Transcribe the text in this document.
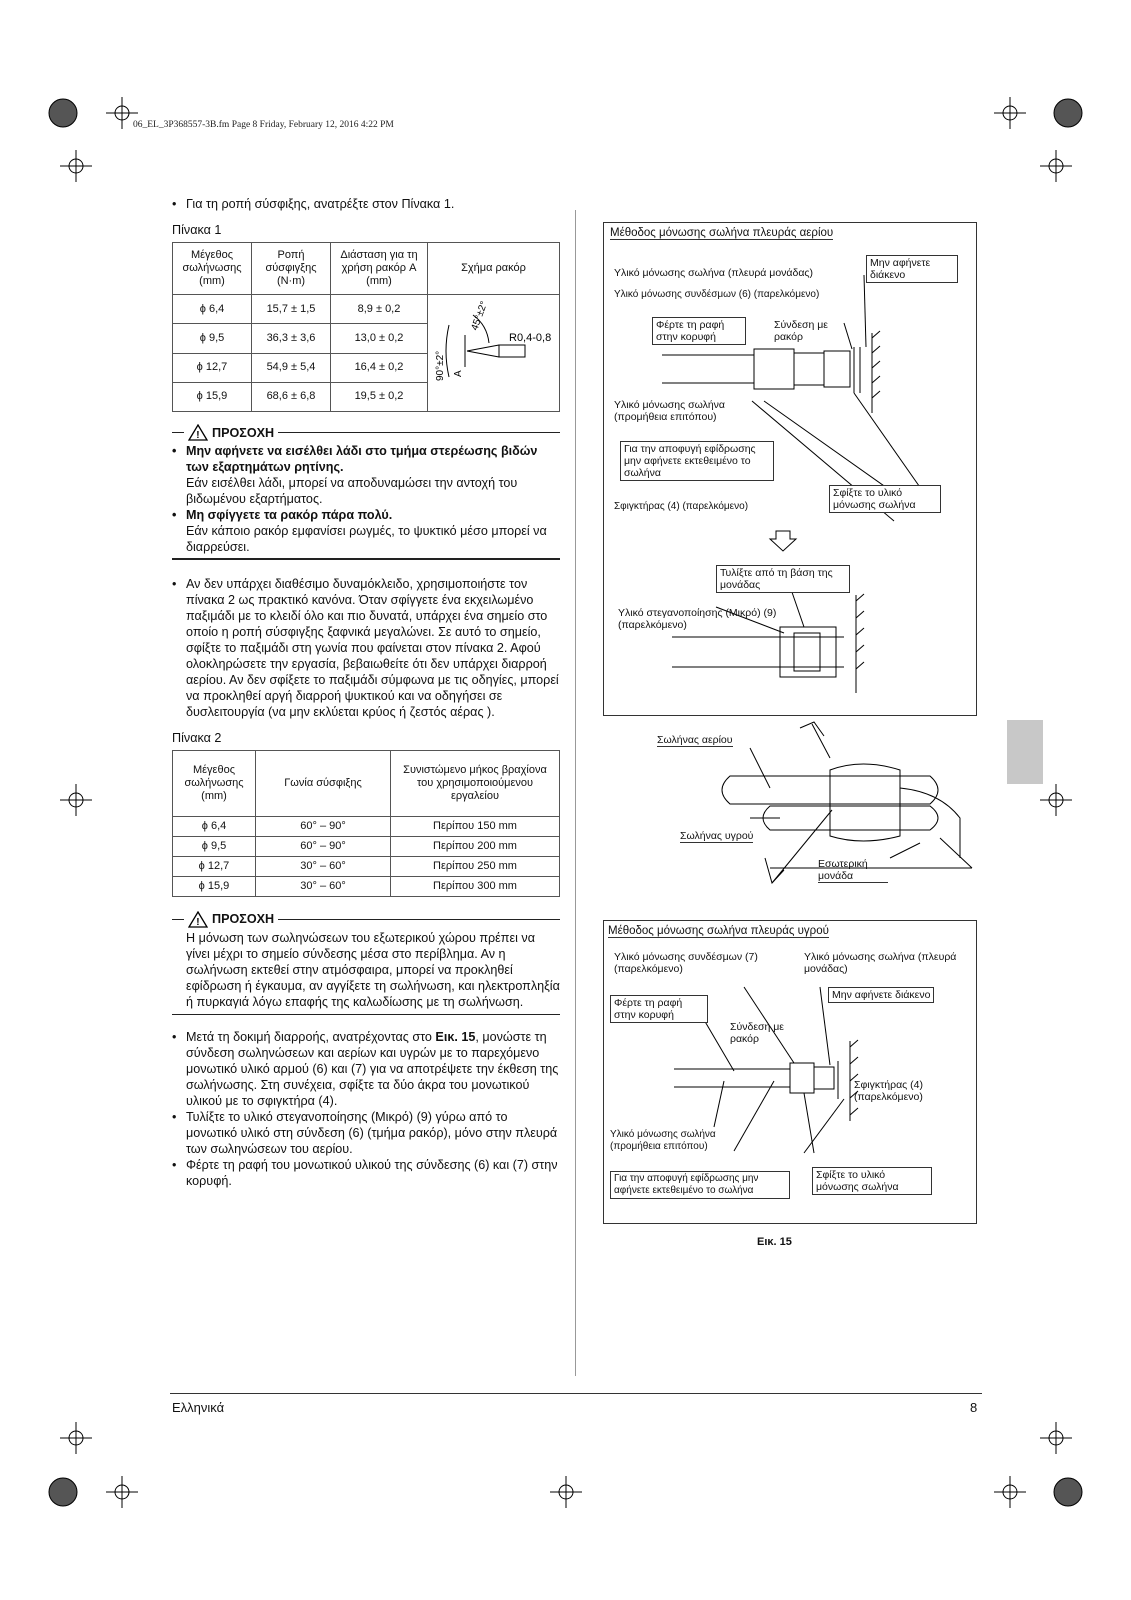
06_EL_3P368557-3B.fm Page 8 Friday, February 12, 2016 4:22 PM
• Για τη ροπή σύσφιξης, ανατρέξτε στον Πίνακα 1.
Πίνακα 1
Μέγεθος σωλήνωσης (mm)	Ροπή σύσφιγξης (N·m)	Διάσταση για τη χρήση ρακόρ A (mm)	Σχήμα ρακόρ
ϕ 6,4	15,7 ± 1,5	8,9 ± 0,2	45°±2°
90°±2°
R0,4-0,8
A

ϕ 9,5	36,3 ± 3,6	13,0 ± 0,2	
ϕ 12,7	54,9 ± 5,4	16,4 ± 0,2	
ϕ 15,9	68,6 ± 6,8	19,5 ± 0,2	
! ΠΡΟΣΟΧΗ
• Μην αφήνετε να εισέλθει λάδι στο τμήμα στερέωσης βιδών των εξαρτημάτων ρητίνης.
Εάν εισέλθει λάδι, μπορεί να αποδυναμώσει την αντοχή του βιδωμένου εξαρτήματος.
• Μη σφίγγετε τα ρακόρ πάρα πολύ.
Εάν κάποιο ρακόρ εμφανίσει ρωγμές, το ψυκτικό μέσο μπορεί να διαρρεύσει.
• Αν δεν υπάρχει διαθέσιμο δυναμόκλειδο, χρησιμοποιήστε τον πίνακα 2 ως πρακτικό κανόνα. Όταν σφίγγετε ένα εκχειλωμένο παξιμάδι με το κλειδί όλο και πιο δυνατά, υπάρχει ένα σημείο στο οποίο η ροπή σύσφιγξης ξαφνικά μεγαλώνει. Σε αυτό το σημείο, σφίξτε το παξιμάδι στη γωνία που φαίνεται στον πίνακα 2. Αφού ολοκληρώσετε την εργασία, βεβαιωθείτε ότι δεν υπάρχει διαρροή αερίου. Αν δεν σφίξετε το παξιμάδι σύμφωνα με τις οδηγίες, μπορεί να προκληθεί αργή διαρροή ψυκτικού και να οδηγήσει σε δυσλειτουργία (να μην εκλύεται κρύος ή ζεστός αέρας ).
Πίνακα 2
Μέγεθος σωλήνωσης (mm)	Γωνία σύσφιξης	Συνιστώμενο μήκος βραχίονα του χρησιμοποιούμενου εργαλείου
ϕ 6,4	60° – 90°	Περίπου 150 mm
ϕ 9,5	60° – 90°	Περίπου 200 mm
ϕ 12,7	30° – 60°	Περίπου 250 mm
ϕ 15,9	30° – 60°	Περίπου 300 mm
! ΠΡΟΣΟΧΗ
Η μόνωση των σωληνώσεων του εξωτερικού χώρου πρέπει να γίνει μέχρι το σημείο σύνδεσης μέσα στο περίβλημα. Αν η σωλήνωση εκτεθεί στην ατμόσφαιρα, μπορεί να προκληθεί εφίδρωση ή έγκαυμα, αν αγγίξετε τη σωλήνωση, και ηλεκτροπληξία ή πυρκαγιά λόγω επαφής της καλωδίωσης με τη σωλήνωση.
• Μετά τη δοκιμή διαρροής, ανατρέχοντας στο Εικ. 15, μονώστε τη σύνδεση σωληνώσεων και αερίων και υγρών με το παρεχόμενο μονωτικό υλικό αρμού (6) και (7) για να αποτρέψετε την έκθεση της σωλήνωσης. Στη συνέχεια, σφίξτε τα δύο άκρα του μονωτικού υλικού με το σφιγκτήρα (4).
• Τυλίξτε το υλικό στεγανοποίησης (Μικρό) (9) γύρω από το μονωτικό υλικό στη σύνδεση (6) (τμήμα ρακόρ), μόνο στην πλευρά των σωληνώσεων του αερίου.
• Φέρτε τη ραφή του μονωτικού υλικού της σύνδεσης (6) και (7) στην κορυφή.
Μέθοδος μόνωσης σωλήνα πλευράς αερίου
Υλικό μόνωσης σωλήνα (πλευρά μονάδας)
Υλικό μόνωσης συνδέσμων (6) (παρελκόμενο)
Μην αφήνετε διάκενο
Φέρτε τη ραφή στην κορυφή
Σύνδεση με ρακόρ
Υλικό μόνωσης σωλήνα (προμήθεια επιτόπου)
Για την αποφυγή εφίδρωσης μην αφήνετε εκτεθειμένο το σωλήνα
Σφιγκτήρας (4) (παρελκόμενο)
Σφίξτε το υλικό μόνωσης σωλήνα
Τυλίξτε από τη βάση της μονάδας
Υλικό στεγανοποίησης (Μικρό) (9) (παρελκόμενο)
Σωλήνας αερίου
Σωλήνας υγρού
Εσωτερική μονάδα
Μέθοδος μόνωσης σωλήνα πλευράς υγρού
Υλικό μόνωσης συνδέσμων (7) (παρελκόμενο)
Υλικό μόνωσης σωλήνα (πλευρά μονάδας)
Μην αφήνετε διάκενο
Φέρτε τη ραφή στην κορυφή
Σύνδεση με ρακόρ
Σφιγκτήρας (4) (παρελκόμενο)
Υλικό μόνωσης σωλήνα (προμήθεια επιτόπου)
Για την αποφυγή εφίδρωσης μην αφήνετε εκτεθειμένο το σωλήνα
Σφίξτε το υλικό μόνωσης σωλήνα
Εικ. 15
Ελληνικά	8
